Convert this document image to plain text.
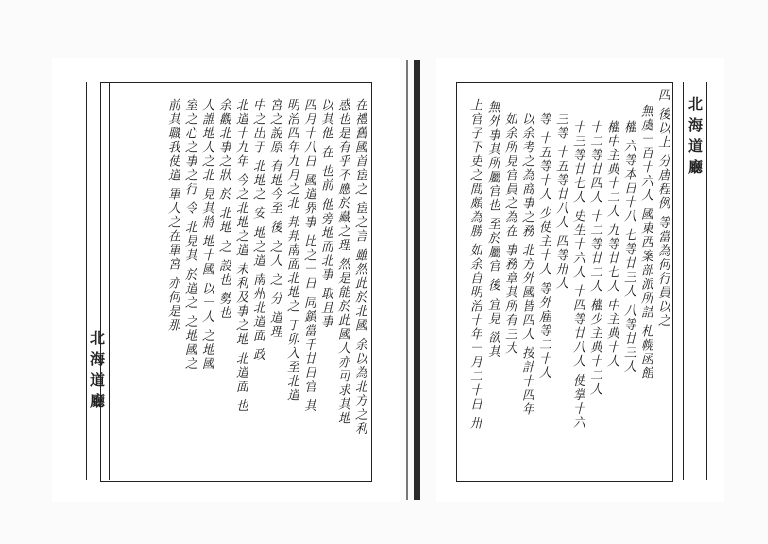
北海道廳
四 後以上 分唐程例 等當為何行員以之
無虞一百十六人 國東西案部派所詰 札幌函館
權 六等本日十八 七等廿三人 八等廿三人
權中主典十二人 九等廿七人 中主典十人
十二等廿四人 十二等廿二人 權少主典十二人
十三等廿七人 史生十六人 十四等廿八人 使掌十六
三等 十五等廿八人 四等卅人
等 十五等十人 少使主十人 等外雇等二十人
以余考之為商事之務 北方外國皆四人 按計十四年
如余所見官員之為在 事務章其所有三大
無外事其所屬官也 至於屬官 後 宜見 欲其
上官子下吏之間頗為勝 如余自明治十年一月二十日 卅
北海道廳	在禮舊國首宦之 宦之言 雖然此於北國 余以為北方之利
惑也是有乎不應於藏之理 然是能於此國人亦可求其地
以其他 在 也前 他旁地而北事 取且事
四月十八日 國道界事 比之一日 同鎮當千廿日官 其
明治四年九月之北 邦邦南面北地之 丁卯入至北道
宮之說原 有地今至 後 之人 之 分 道理
中之出于 北地之 安 地之道 南州北道面 政
北道十九年 今之北地之道 未利及事之地 北道面 也
余觀北事之狀 於 北地 之 設也 勢也
人誰地人之北 見其將 地十國 以一人 之地國
室之心之事之行 令 北見其 於道之 之地國之
前其職我使道 軍人之在軍宮 亦何是那
